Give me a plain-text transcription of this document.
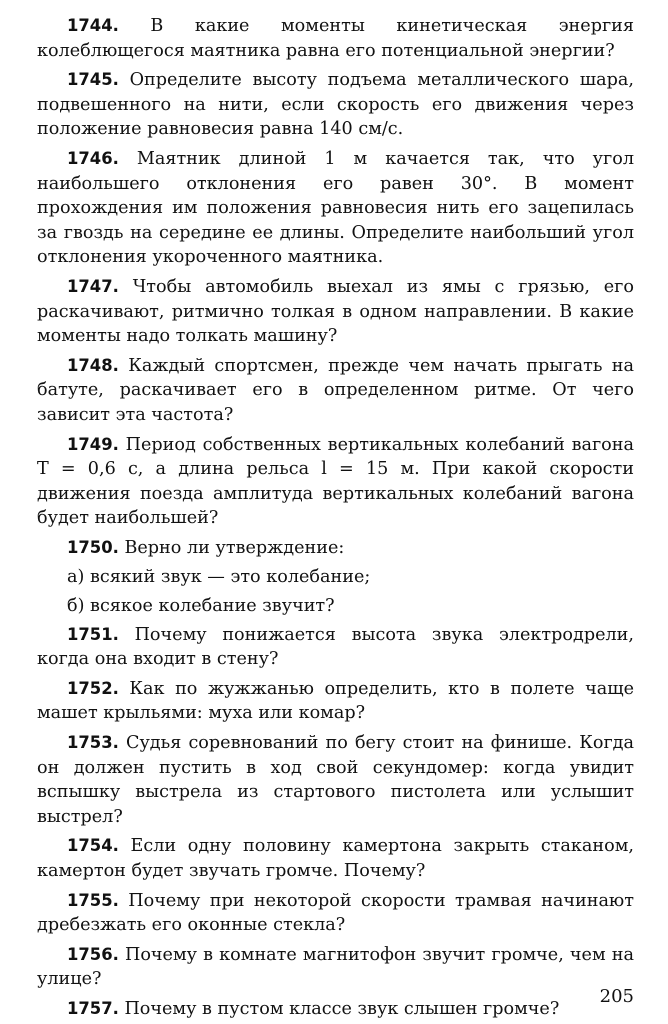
1744. В какие моменты кинетическая энергия колеблющегося маятника равна его потенциальной энергии?

1745. Определите высоту подъема металлического шара, подвешенного на нити, если скорость его движения через положение равновесия равна 140 см/с.

1746. Маятник длиной 1 м качается так, что угол наибольшего отклонения его равен 30°. В момент прохождения им положения равновесия нить его зацепилась за гвоздь на середине ее длины. Определите наибольший угол отклонения укороченного маятника.

1747. Чтобы автомобиль выехал из ямы с грязью, его раскачивают, ритмично толкая в одном направлении. В какие моменты надо толкать машину?

1748. Каждый спортсмен, прежде чем начать прыгать на батуте, раскачивает его в определенном ритме. От чего зависит эта частота?

1749. Период собственных вертикальных колебаний вагона T = 0,6 с, а длина рельса l = 15 м. При какой скорости движения поезда амплитуда вертикальных колебаний вагона будет наибольшей?

1750. Верно ли утверждение:

а) всякий звук — это колебание;

б) всякое колебание звучит?

1751. Почему понижается высота звука электродрели, когда она входит в стену?

1752. Как по жужжанью определить, кто в полете чаще машет крыльями: муха или комар?

1753. Судья соревнований по бегу стоит на финише. Когда он должен пустить в ход свой секундомер: когда увидит вспышку выстрела из стартового пистолета или услышит выстрел?

1754. Если одну половину камертона закрыть стаканом, камертон будет звучать громче. Почему?

1755. Почему при некоторой скорости трамвая начинают дребезжать его оконные стекла?

1756. Почему в комнате магнитофон звучит громче, чем на улице?

1757. Почему в пустом классе звук слышен громче?

205
